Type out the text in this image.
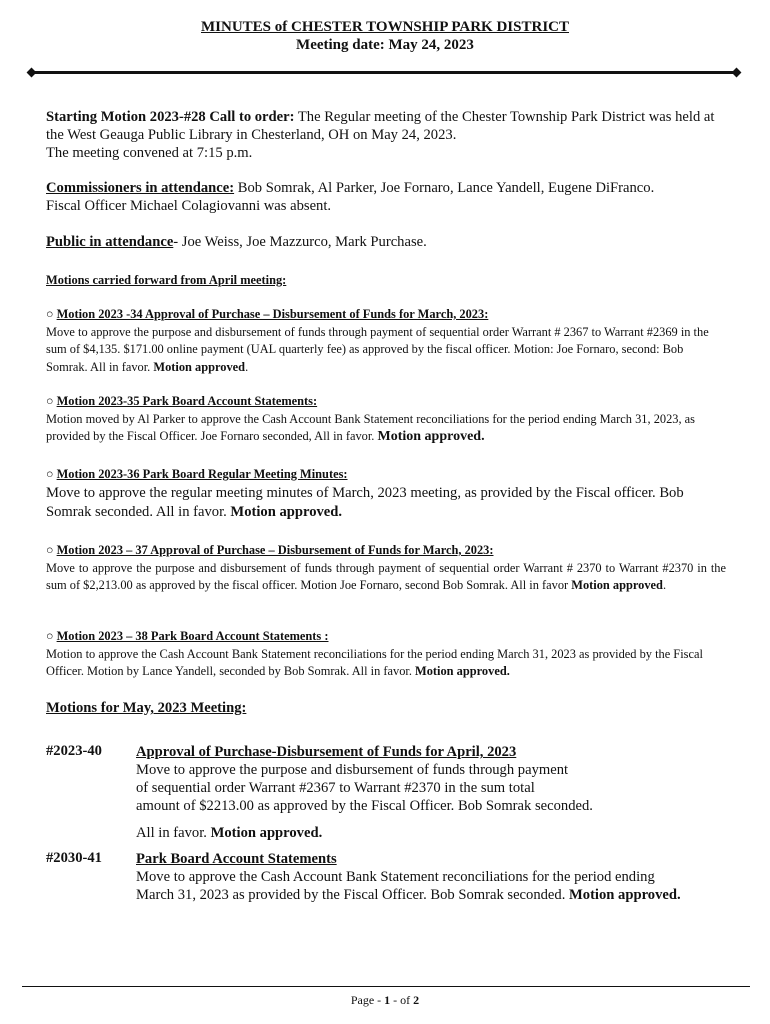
MINUTES of CHESTER TOWNSHIP PARK DISTRICT
Meeting date: May 24, 2023
Starting Motion 2023-#28 Call to order: The Regular meeting of the Chester Township Park District was held at the West Geauga Public Library in Chesterland, OH on May 24, 2023.
The meeting convened at 7:15 p.m.
Commissioners in attendance: Bob Somrak, Al Parker, Joe Fornaro, Lance Yandell, Eugene DiFranco.
Fiscal Officer Michael Colagiovanni was absent.
Public in attendance- Joe Weiss, Joe Mazzurco, Mark Purchase.
Motions carried forward from April meeting:
○ Motion 2023 -34 Approval of Purchase – Disbursement of Funds for March, 2023:
Move to approve the purpose and disbursement of funds through payment of sequential order Warrant # 2367 to Warrant #2369 in the sum of $4,135. $171.00 online payment (UAL quarterly fee) as approved by the fiscal officer. Motion: Joe Fornaro, second: Bob Somrak. All in favor. Motion approved.
○ Motion 2023-35 Park Board Account Statements:
Motion moved by Al Parker to approve the Cash Account Bank Statement reconciliations for the period ending March 31, 2023, as provided by the Fiscal Officer. Joe Fornaro seconded, All in favor. Motion approved.
○ Motion 2023-36 Park Board Regular Meeting Minutes:
Move to approve the regular meeting minutes of March, 2023 meeting, as provided by the Fiscal officer. Bob Somrak seconded. All in favor. Motion approved.
○ Motion 2023 – 37 Approval of Purchase – Disbursement of Funds for March, 2023:
Move to approve the purpose and disbursement of funds through payment of sequential order Warrant # 2370 to Warrant #2370 in the sum of $2,213.00 as approved by the fiscal officer. Motion Joe Fornaro, second Bob Somrak. All in favor Motion approved.
○ Motion 2023 – 38 Park Board Account Statements :
Motion to approve the Cash Account Bank Statement reconciliations for the period ending March 31, 2023 as provided by the Fiscal Officer. Motion by Lance Yandell, seconded by Bob Somrak. All in favor. Motion approved.
Motions for May, 2023 Meeting:
#2023-40 Approval of Purchase-Disbursement of Funds for April, 2023
Move to approve the purpose and disbursement of funds through payment
of sequential order Warrant #2367 to Warrant #2370 in the sum total
amount of $2213.00 as approved by the Fiscal Officer. Bob Somrak seconded.
All in favor. Motion approved.
#2030-41 Park Board Account Statements
Move to approve the Cash Account Bank Statement reconciliations for the period ending
March 31, 2023 as provided by the Fiscal Officer. Bob Somrak seconded. Motion approved.
Page - 1 - of 2
